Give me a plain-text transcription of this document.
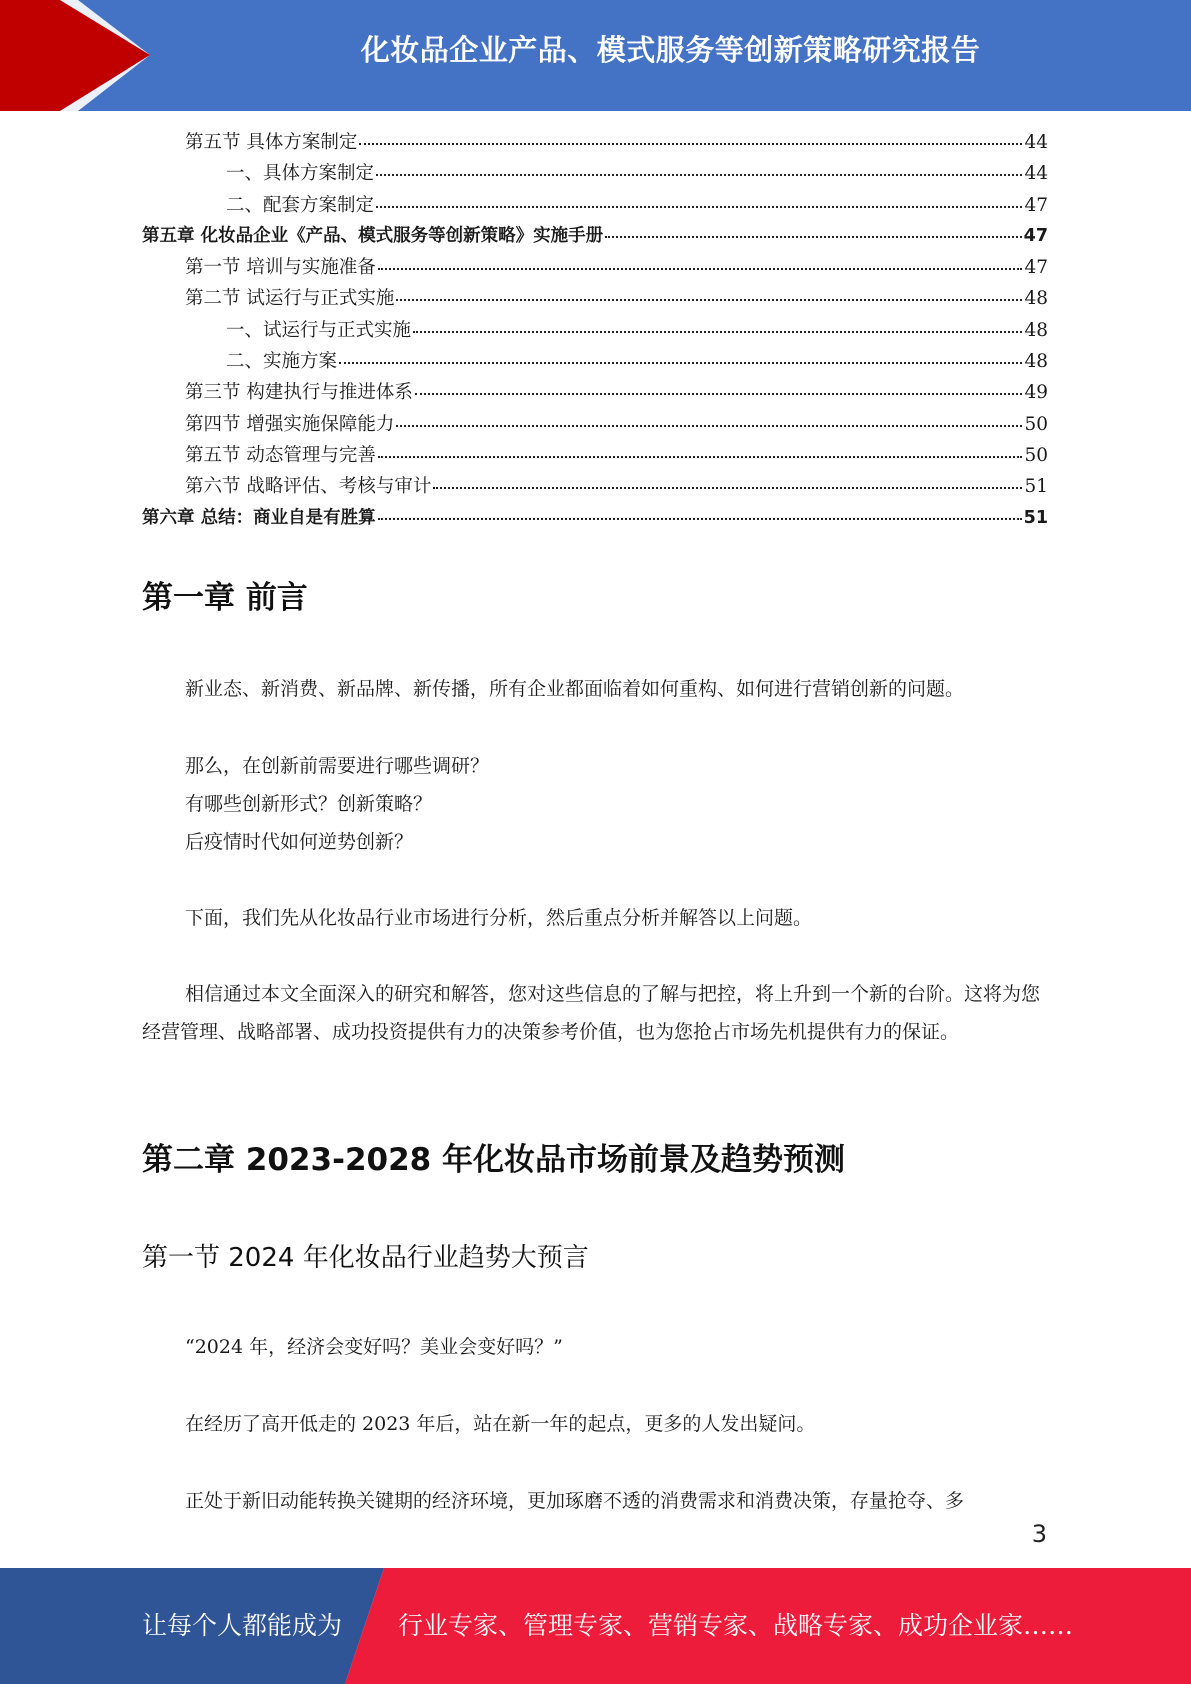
化妆品企业产品、模式服务等创新策略研究报告
第五节 具体方案制定	44
一、具体方案制定	44
二、配套方案制定	47
第五章 化妆品企业《产品、模式服务等创新策略》实施手册	47
第一节 培训与实施准备	47
第二节 试运行与正式实施	48
一、试运行与正式实施	48
二、实施方案	48
第三节 构建执行与推进体系	49
第四节 增强实施保障能力	50
第五节 动态管理与完善	50
第六节 战略评估、考核与审计	51
第六章 总结：商业自是有胜算	51
第一章 前言

新业态、新消费、新品牌、新传播，所有企业都面临着如何重构、如何进行营销创新的问题。

那么，在创新前需要进行哪些调研？

有哪些创新形式？创新策略？

后疫情时代如何逆势创新？

下面，我们先从化妆品行业市场进行分析，然后重点分析并解答以上问题。

相信通过本文全面深入的研究和解答，您对这些信息的了解与把控，将上升到一个新的台阶。这将为您经营管理、战略部署、成功投资提供有力的决策参考价值，也为您抢占市场先机提供有力的保证。

第二章 2023-2028 年化妆品市场前景及趋势预测
第一节 2024 年化妆品行业趋势大预言

“2024 年，经济会变好吗？美业会变好吗？”

在经历了高开低走的 2023 年后，站在新一年的起点，更多的人发出疑问。

正处于新旧动能转换关键期的经济环境，更加琢磨不透的消费需求和消费决策，存量抢夺、多

3
让每个人都能成为 行业专家、管理专家、营销专家、战略专家、成功企业家……
